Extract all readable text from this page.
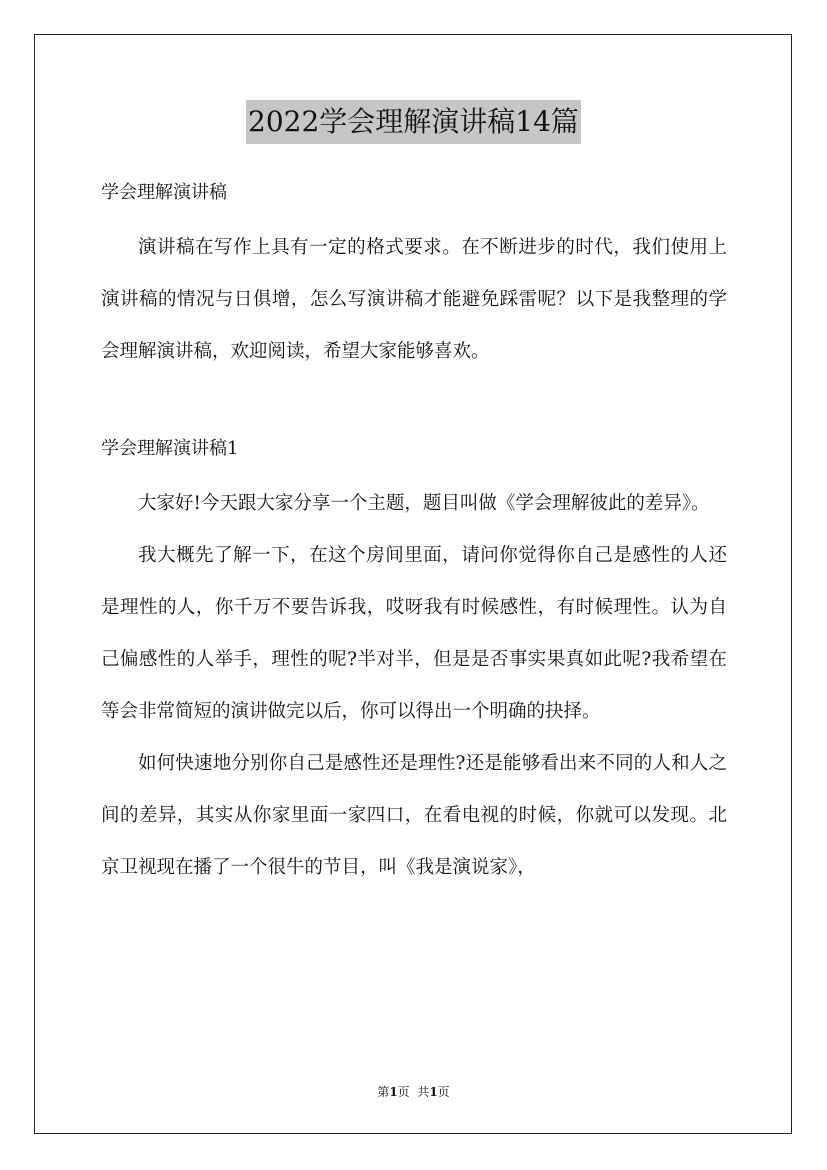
2022学会理解演讲稿14篇

学会理解演讲稿

演讲稿在写作上具有一定的格式要求。在不断进步的时代，我们使用上演讲稿的情况与日俱增，怎么写演讲稿才能避免踩雷呢？以下是我整理的学会理解演讲稿，欢迎阅读，希望大家能够喜欢。

学会理解演讲稿1

大家好!今天跟大家分享一个主题，题目叫做《学会理解彼此的差异》。

我大概先了解一下，在这个房间里面，请问你觉得你自己是感性的人还是理性的人，你千万不要告诉我，哎呀我有时候感性，有时候理性。认为自己偏感性的人举手，理性的呢?半对半，但是是否事实果真如此呢?我希望在等会非常简短的演讲做完以后，你可以得出一个明确的抉择。

如何快速地分别你自己是感性还是理性?还是能够看出来不同的人和人之间的差异，其实从你家里面一家四口，在看电视的时候，你就可以发现。北京卫视现在播了一个很牛的节目，叫《我是演说家》，

第1页  共1页
